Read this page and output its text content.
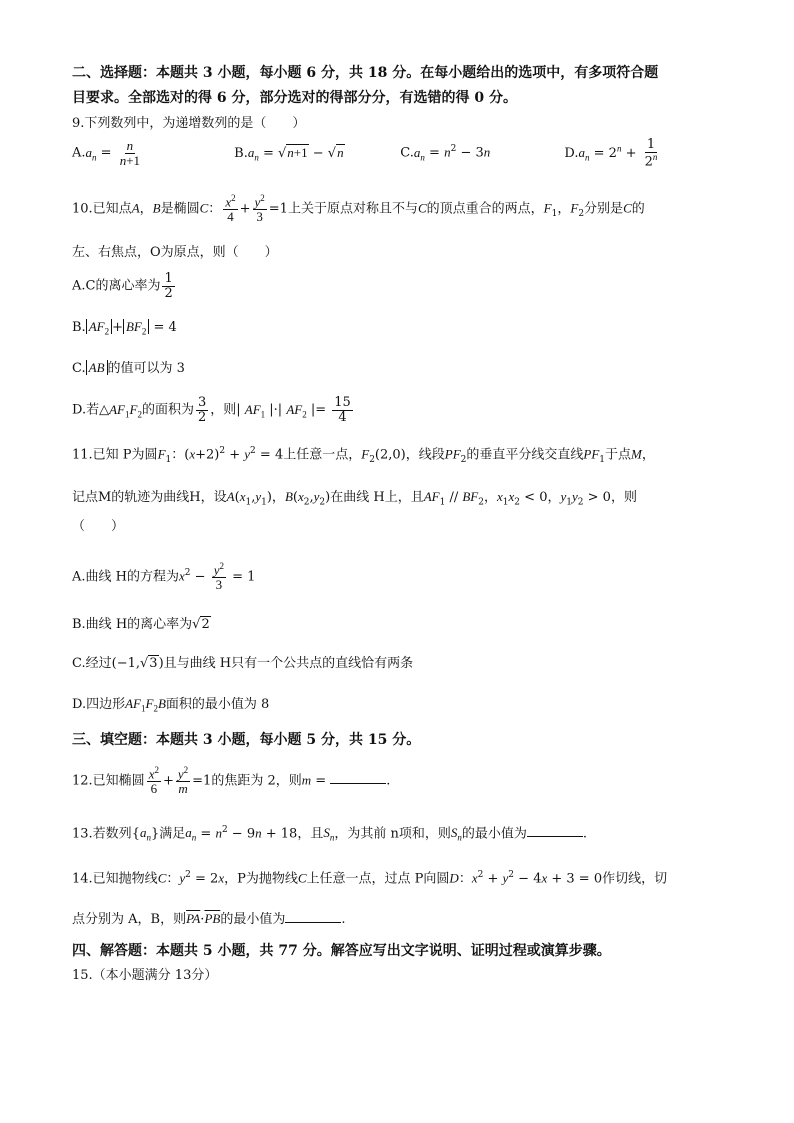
二、选择题：本题共 3 小题，每小题 6 分，共 18 分。在每小题给出的选项中，有多项符合题
目要求。全部选对的得 6 分，部分选对的得部分分，有选错的得 0 分。
9.下列数列中，为递增数列的是（　　）
$A.a_n = \frac{n}{n+1}$	$B.a_n = √n+1 - √n$	$C.a_n = n^2 - 3n$	$D.a_n = 2^n + \frac{1}{2^n}$
10.已知点A，B是椭圆C： $\frac{x^2}{4} + \frac{y^2}{3} =1$上关于原点对称且不与C的顶点重合的两点，$F_1$，$F_2$分别是C的
左、右焦点，O为原点，则（　　）
A.C的离心率为 $\frac{1}{2}$
B. $AF_2 + BF_2 = 4$
C. AB 的值可以为 3
D.若$\triangle AF_1F_2$的面积为 $\frac{3}{2}$ ，则| $AF_1$ |·| $AF_2$ |= $\frac{15}{4}$
11.已知 P为圆$F_1$：$(x+2)^2 + y^2 = 4$上任意一点，$F_2(2,0)$，线段$PF_2$的垂直平分线交直线$PF_1$于点M，
记点M的轨迹为曲线H，设$A(x_1,y_1)$，$B(x_2,y_2)$在曲线 H上，且$AF_1 // BF_2$，$x_1x_2 < 0$，$y_1y_2 > 0$，则
（　　）
A.曲线 H的方程为$x^2 - \frac{y^2}{3} = 1$
B.曲线 H的离心率为√2
C.经过(−1,√3)且与曲线 H只有一个公共点的直线恰有两条
D.四边形$AF_1F_2B$面积的最小值为 8
三、填空题：本题共 3 小题，每小题 5 分，共 15 分。
12.已知椭圆 $\frac{x^2}{6} + \frac{y^2}{m} =1$的焦距为 2，则m =	.
13.若数列$\{a_n\}$满足$a_n = n^2 - 9n + 18$，且$S_n$，为其前 n项和，则$S_n$的最小值为	.
14.已知抛物线C：$y^2 = 2x$，P为抛物线C上任意一点，过点 P向圆D：$x^2 + y^2 - 4x + 3 = 0$作切线，切
点分别为 A，B，则$\overline{PA}\cdot\overline{PB}$的最小值为	.
四、解答题：本题共 5 小题，共 77 分。解答应写出文字说明、证明过程或演算步骤。
15.（本小题满分 13分）
